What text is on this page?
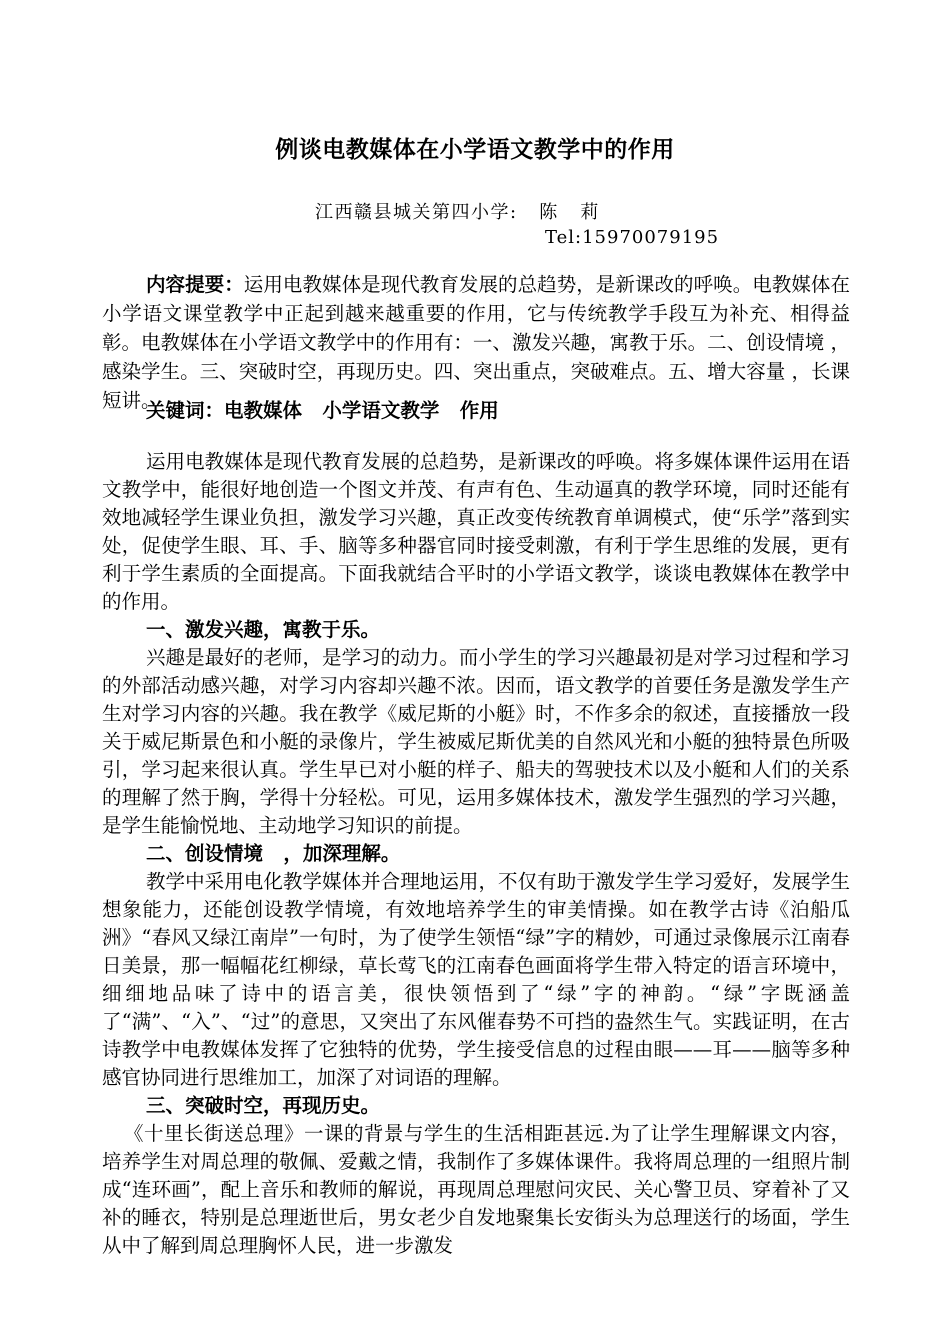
例谈电教媒体在小学语文教学中的作用
江西赣县城关第四小学:   陈   莉
Tel:15970079195

内容提要：运用电教媒体是现代教育发展的总趋势，是新课改的呼唤。电教媒体在小学语文课堂教学中正起到越来越重要的作用，它与传统教学手段互为补充、相得益彰。电教媒体在小学语文教学中的作用有：一、激发兴趣，寓教于乐。二、创设情境 ，感染学生。三、突破时空，再现历史。四、突出重点，突破难点。五、增大容量 ，长课短讲。

关键词：电教媒体   小学语文教学   作用

运用电教媒体是现代教育发展的总趋势，是新课改的呼唤。将多媒体课件运用在语文教学中，能很好地创造一个图文并茂、有声有色、生动逼真的教学环境，同时还能有效地减轻学生课业负担，激发学习兴趣，真正改变传统教育单调模式，使“乐学”落到实处，促使学生眼、耳、手、脑等多种器官同时接受刺激，有利于学生思维的发展，更有利于学生素质的全面提高。下面我就结合平时的小学语文教学，谈谈电教媒体在教学中的作用。

一、激发兴趣，寓教于乐。

兴趣是最好的老师，是学习的动力。而小学生的学习兴趣最初是对学习过程和学习的外部活动感兴趣，对学习内容却兴趣不浓。因而，语文教学的首要任务是激发学生产生对学习内容的兴趣。我在教学《威尼斯的小艇》时，不作多余的叙述，直接播放一段关于威尼斯景色和小艇的录像片，学生被威尼斯优美的自然风光和小艇的独特景色所吸引，学习起来很认真。学生早已对小艇的样子、船夫的驾驶技术以及小艇和人们的关系的理解了然于胸，学得十分轻松。可见，运用多媒体技术，激发学生强烈的学习兴趣，是学生能愉悦地、主动地学习知识的前提。

二、创设情境   ，加深理解。

教学中采用电化教学媒体并合理地运用，不仅有助于激发学生学习爱好，发展学生想象能力，还能创设教学情境，有效地培养学生的审美情操。如在教学古诗《泊船瓜洲》“春风又绿江南岸”一句时，为了使学生领悟“绿”字的精妙，可通过录像展示江南春日美景，那一幅幅花红柳绿，草长莺飞的江南春色画面将学生带入特定的语言环境中，细细地品味了诗中的语言美，很快领悟到了“绿”字的神韵。“绿”字既涵盖了“满”、“入”、“过”的意思，又突出了东风催春势不可挡的盎然生气。实践证明，在古诗教学中电教媒体发挥了它独特的优势，学生接受信息的过程由眼——耳——脑等多种感官协同进行思维加工，加深了对词语的理解。

三、突破时空，再现历史。

《十里长街送总理》一课的背景与学生的生活相距甚远.为了让学生理解课文内容，培养学生对周总理的敬佩、爱戴之情，我制作了多媒体课件。我将周总理的一组照片制成“连环画”，配上音乐和教师的解说，再现周总理慰问灾民、关心警卫员、穿着补了又补的睡衣，特别是总理逝世后，男女老少自发地聚集长安街头为总理送行的场面，学生从中了解到周总理胸怀人民，进一步激发
